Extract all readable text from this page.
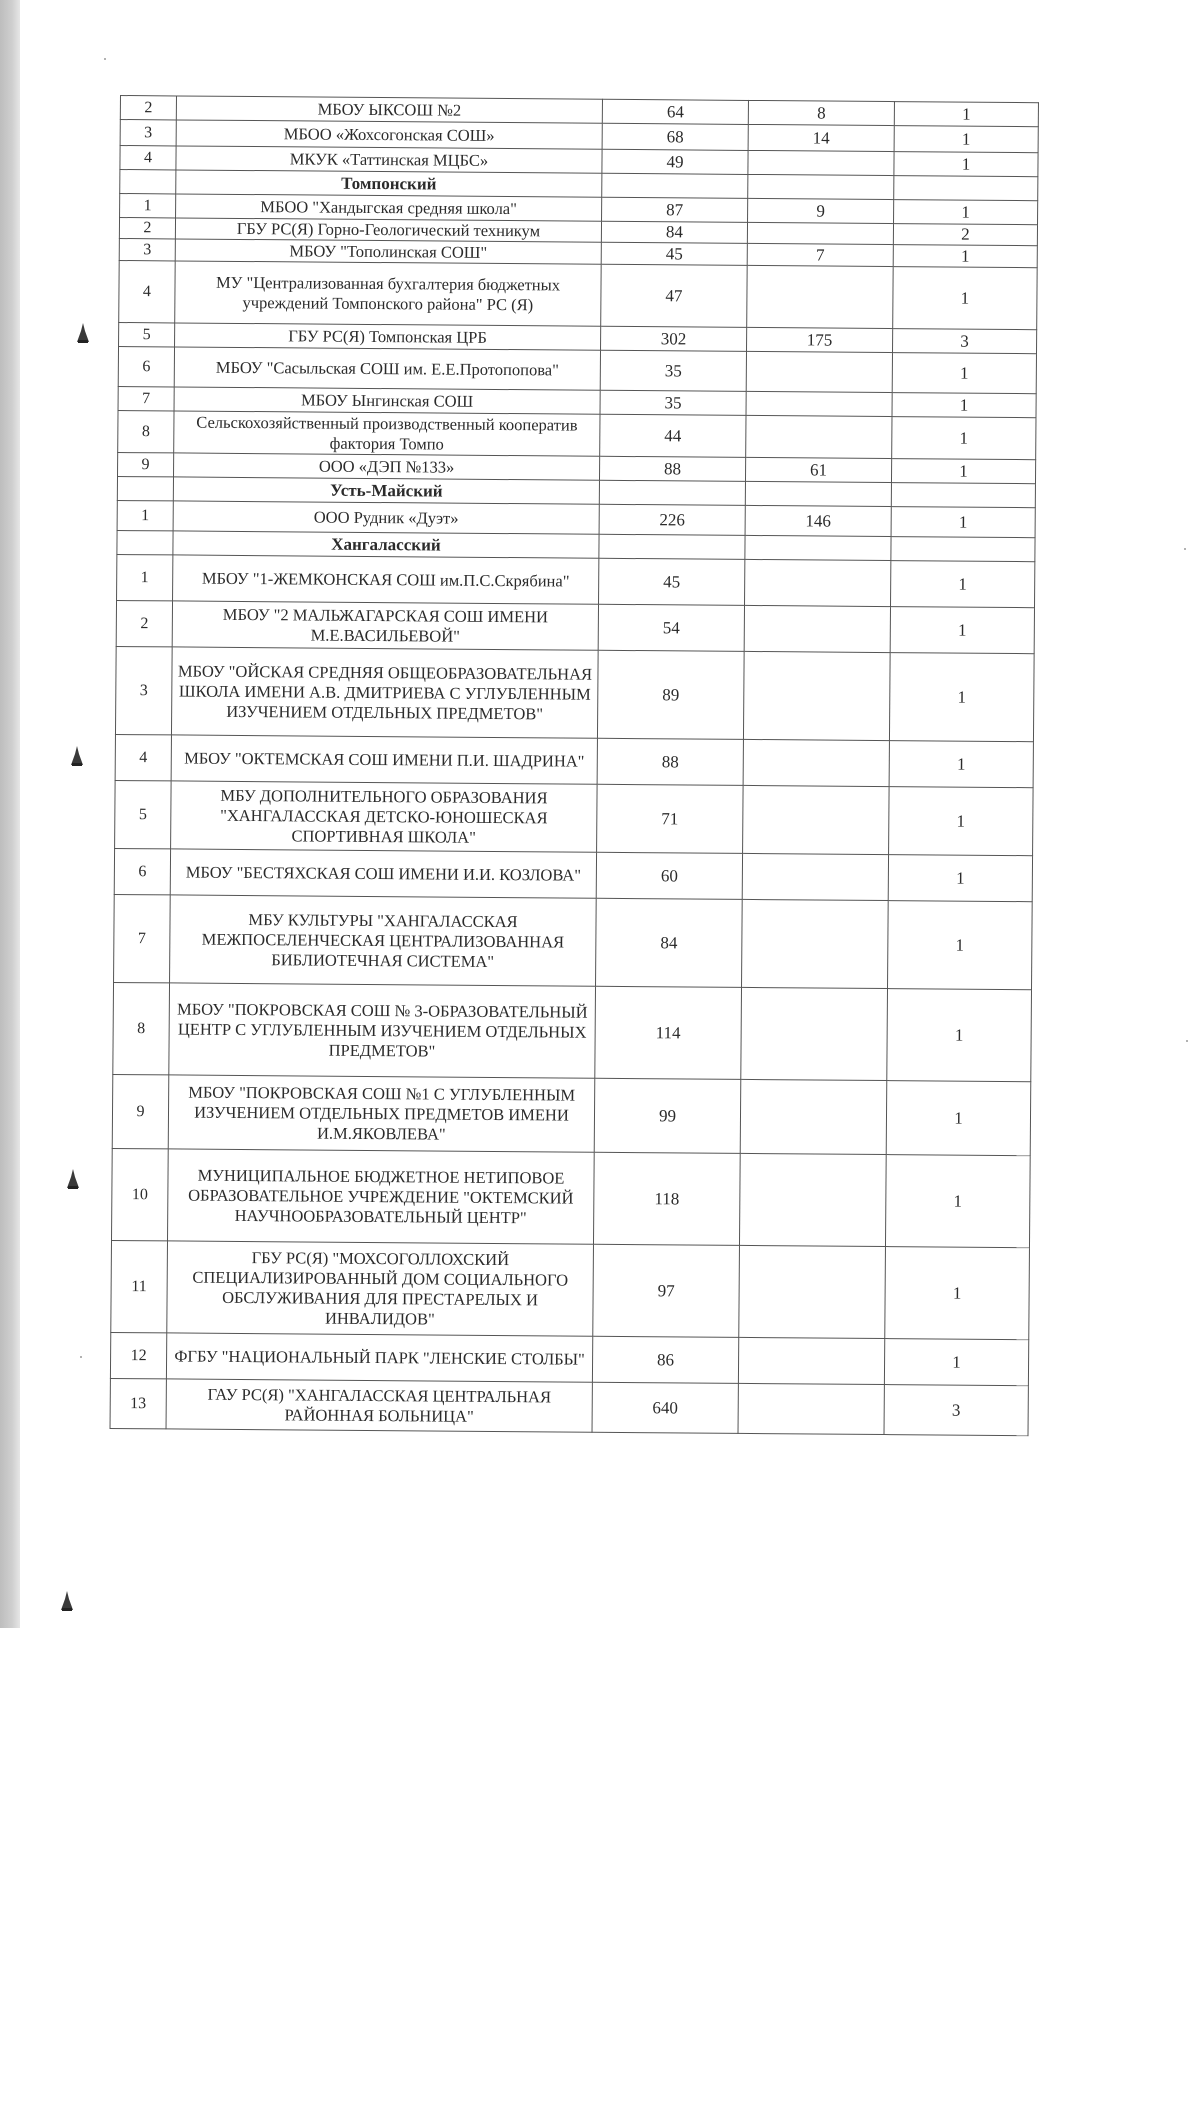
2	МБОУ ЫКСОШ №2	64	8	1
3	МБОО «Жохсогонская СОШ»	68	14	1
4	МКУК «Таттинская МЦБС»	49		1
	Томпонский			
1	МБОО "Хандыгская средняя школа"	87	9	1
2	ГБУ РС(Я) Горно-Геологический техникум	84		2
3	МБОУ "Тополинская СОШ"	45	7	1
4	МУ "Централизованная бухгалтерия бюджетных учреждений Томпонского района" РС (Я)	47		1
5	ГБУ РС(Я) Томпонская ЦРБ	302	175	3
6	МБОУ "Сасыльская СОШ им. Е.Е.Протопопова"	35		1
7	МБОУ Ынгинская СОШ	35		1
8	Сельскохозяйственный производственный кооператив фактория Томпо	44		1
9	ООО «ДЭП №133»	88	61	1
	Усть-Майский			
1	ООО Рудник «Дуэт»	226	146	1
	Хангаласский			
1	МБОУ "1-ЖЕМКОНСКАЯ СОШ им.П.С.Скрябина"	45		1
2	МБОУ "2 МАЛЬЖАГАРСКАЯ СОШ ИМЕНИ М.Е.ВАСИЛЬЕВОЙ"	54		1
3	МБОУ "ОЙСКАЯ СРЕДНЯЯ ОБЩЕОБРАЗОВАТЕЛЬНАЯ ШКОЛА ИМЕНИ А.В. ДМИТРИЕВА С УГЛУБЛЕННЫМ ИЗУЧЕНИЕМ ОТДЕЛЬНЫХ ПРЕДМЕТОВ"	89		1
4	МБОУ "ОКТЕМСКАЯ СОШ ИМЕНИ П.И. ШАДРИНА"	88		1
5	МБУ ДОПОЛНИТЕЛЬНОГО ОБРАЗОВАНИЯ "ХАНГАЛАССКАЯ ДЕТСКО-ЮНОШЕСКАЯ СПОРТИВНАЯ ШКОЛА"	71		1
6	МБОУ "БЕСТЯХСКАЯ СОШ ИМЕНИ И.И. КОЗЛОВА"	60		1
7	МБУ КУЛЬТУРЫ "ХАНГАЛАССКАЯ МЕЖПОСЕЛЕНЧЕСКАЯ ЦЕНТРАЛИЗОВАННАЯ БИБЛИОТЕЧНАЯ СИСТЕМА"	84		1
8	МБОУ "ПОКРОВСКАЯ СОШ № 3-ОБРАЗОВАТЕЛЬНЫЙ ЦЕНТР С УГЛУБЛЕННЫМ ИЗУЧЕНИЕМ ОТДЕЛЬНЫХ ПРЕДМЕТОВ"	114		1
9	МБОУ "ПОКРОВСКАЯ СОШ №1 С УГЛУБЛЕННЫМ ИЗУЧЕНИЕМ ОТДЕЛЬНЫХ ПРЕДМЕТОВ ИМЕНИ И.М.ЯКОВЛЕВА"	99		1
10	МУНИЦИПАЛЬНОЕ БЮДЖЕТНОЕ НЕТИПОВОЕ ОБРАЗОВАТЕЛЬНОЕ УЧРЕЖДЕНИЕ "ОКТЕМСКИЙ НАУЧНООБРАЗОВАТЕЛЬНЫЙ ЦЕНТР"	118		1
11	ГБУ РС(Я) "МОХСОГОЛЛОХСКИЙ СПЕЦИАЛИЗИРОВАННЫЙ ДОМ СОЦИАЛЬНОГО ОБСЛУЖИВАНИЯ ДЛЯ ПРЕСТАРЕЛЫХ И ИНВАЛИДОВ"	97		1
12	ФГБУ "НАЦИОНАЛЬНЫЙ ПАРК "ЛЕНСКИЕ СТОЛБЫ"	86		1
13	ГАУ РС(Я) "ХАНГАЛАССКАЯ ЦЕНТРАЛЬНАЯ РАЙОННАЯ БОЛЬНИЦА"	640		3
